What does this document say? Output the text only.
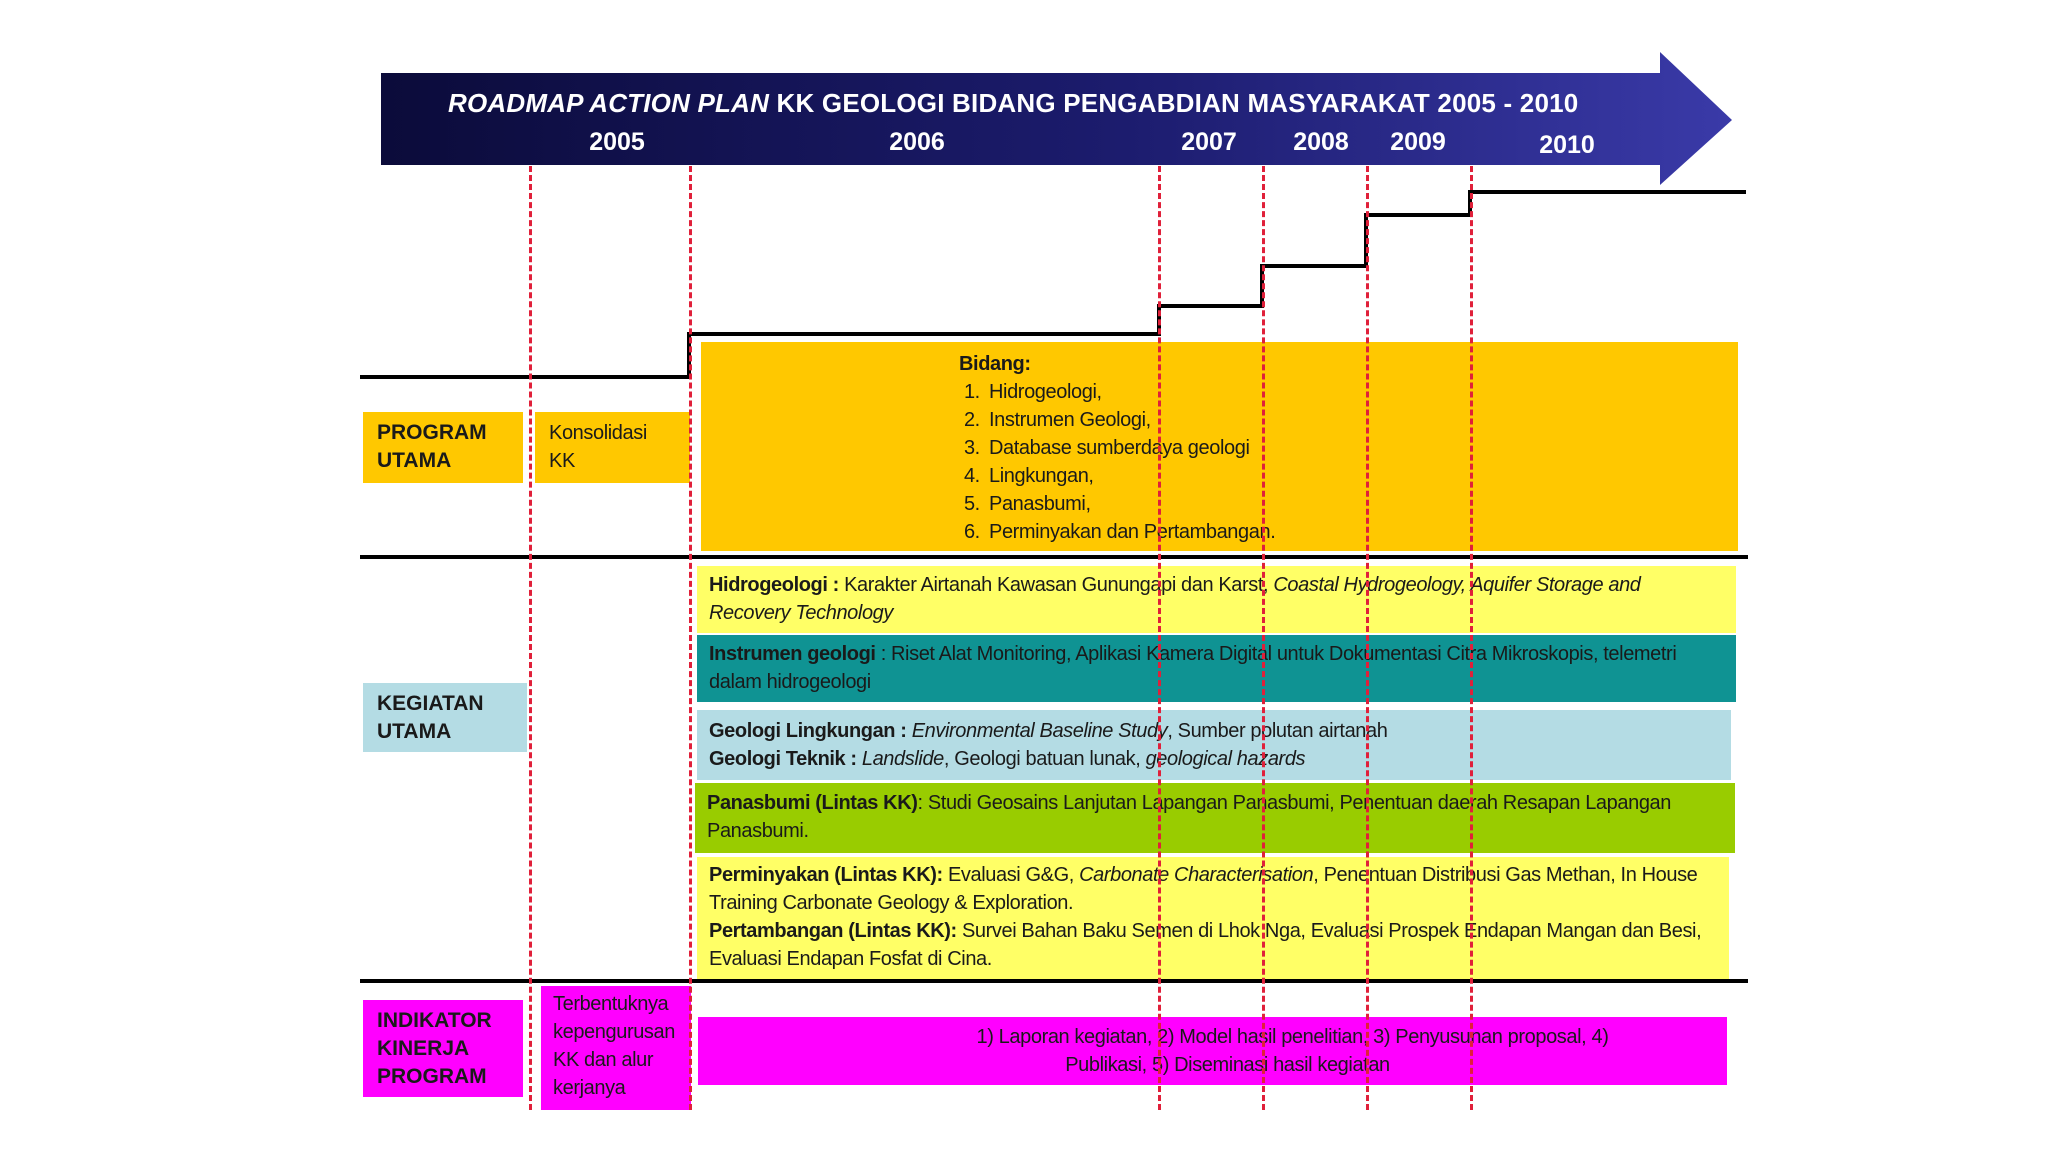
ROADMAP ACTION PLAN KK GEOLOGI BIDANG PENGABDIAN MASYARAKAT 2005 - 2010
2005	2006	2007 2008 2009	2010
PROGRAM
UTAMA
Konsolidasi
KK
Bidang:
1. Hidrogeologi,
2. Instrumen Geologi,
3. Database sumberdaya geologi
4. Lingkungan,
5. Panasbumi,
6. Perminyakan dan Pertambangan.
KEGIATAN
UTAMA
Hidrogeologi : Karakter Airtanah Kawasan Gunungapi dan Karst, Coastal Hydrogeology, Aquifer Storage and Recovery Technology
Instrumen geologi : Riset Alat Monitoring, Aplikasi Kamera Digital untuk Dokumentasi Citra Mikroskopis, telemetri dalam hidrogeologi
Geologi Lingkungan : Environmental Baseline Study, Sumber polutan airtanah
Geologi Teknik : Landslide, Geologi batuan lunak, geological hazards
Panasbumi (Lintas KK): Studi Geosains Lanjutan Lapangan Panasbumi, Penentuan daerah Resapan Lapangan Panasbumi.
Perminyakan (Lintas KK): Evaluasi G&G, Carbonate Characterisation, Penentuan Distribusi Gas Methan, In House Training Carbonate Geology & Exploration.
Pertambangan (Lintas KK): Survei Bahan Baku Semen di Lhok Nga, Evaluasi Prospek Endapan Mangan dan Besi, Evaluasi Endapan Fosfat di Cina.
INDIKATOR
KINERJA
PROGRAM
Terbentuknya kepengurusan KK dan alur kerjanya
1) Laporan kegiatan, 2) Model hasil penelitian, 3) Penyusunan proposal, 4)
Publikasi, 5) Diseminasi hasil kegiatan
